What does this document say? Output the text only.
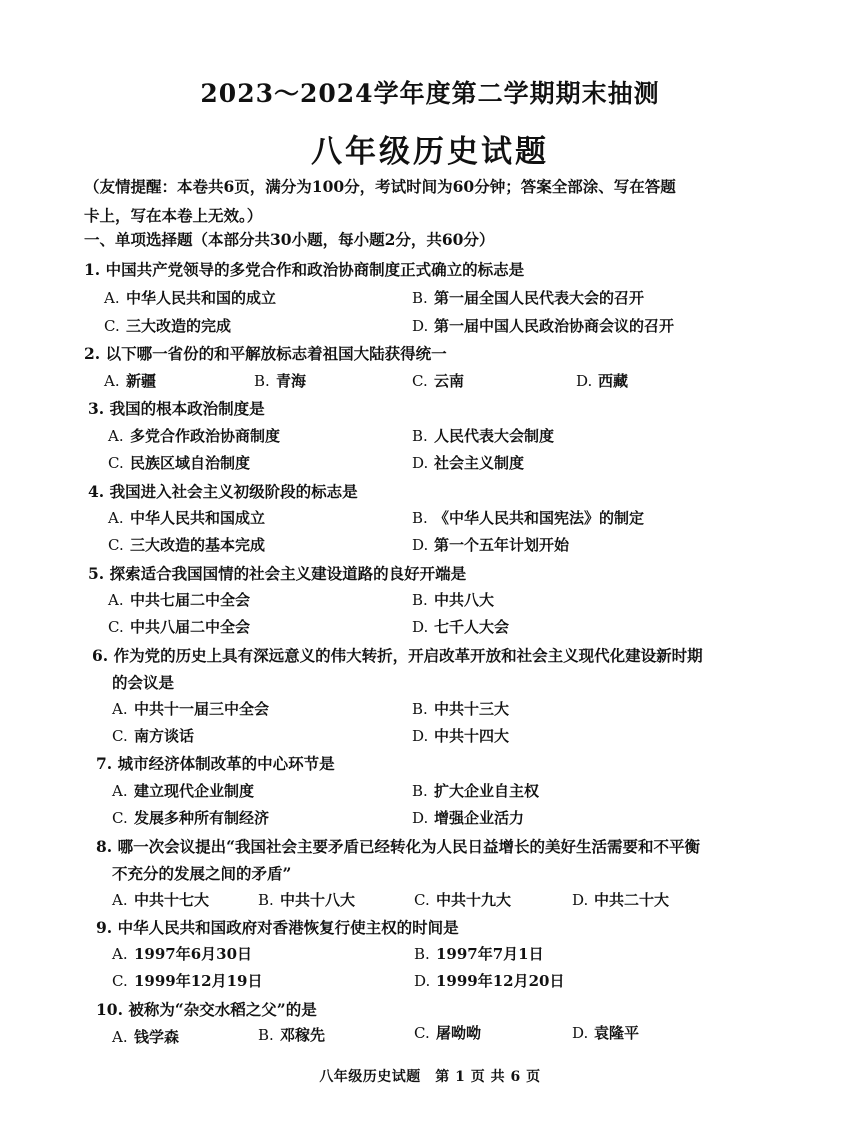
2023～2024学年度第二学期期末抽测
八年级历史试题
（友情提醒：本卷共6页，满分为100分，考试时间为60分钟；答案全部涂、写在答题
卡上，写在本卷上无效。）
一、单项选择题（本部分共30小题，每小题2分，共60分）
1. 中国共产党领导的多党合作和政治协商制度正式确立的标志是
A. 中华人民共和国的成立	B. 第一届全国人民代表大会的召开
C. 三大改造的完成	D. 第一届中国人民政治协商会议的召开
2. 以下哪一省份的和平解放标志着祖国大陆获得统一
A. 新疆	B. 青海	C. 云南	D. 西藏
3. 我国的根本政治制度是
A. 多党合作政治协商制度	B. 人民代表大会制度
C. 民族区域自治制度	D. 社会主义制度
4. 我国进入社会主义初级阶段的标志是
A. 中华人民共和国成立	B. 《中华人民共和国宪法》的制定
C. 三大改造的基本完成	D. 第一个五年计划开始
5. 探索适合我国国情的社会主义建设道路的良好开端是
A. 中共七届二中全会	B. 中共八大
C. 中共八届二中全会	D. 七千人大会
6. 作为党的历史上具有深远意义的伟大转折，开启改革开放和社会主义现代化建设新时期
的会议是
A. 中共十一届三中全会	B. 中共十三大
C. 南方谈话	D. 中共十四大
7. 城市经济体制改革的中心环节是
A. 建立现代企业制度	B. 扩大企业自主权
C. 发展多种所有制经济	D. 增强企业活力
8. 哪一次会议提出“我国社会主要矛盾已经转化为人民日益增长的美好生活需要和不平衡
不充分的发展之间的矛盾”
A. 中共十七大	B. 中共十八大	C. 中共十九大	D. 中共二十大
9. 中华人民共和国政府对香港恢复行使主权的时间是
A. 1997年6月30日	B. 1997年7月1日
C. 1999年12月19日	D. 1999年12月20日
10. 被称为“杂交水稻之父”的是
A. 钱学森	B. 邓稼先	C. 屠呦呦	D. 袁隆平
八年级历史试题　第 1 页 共 6 页
